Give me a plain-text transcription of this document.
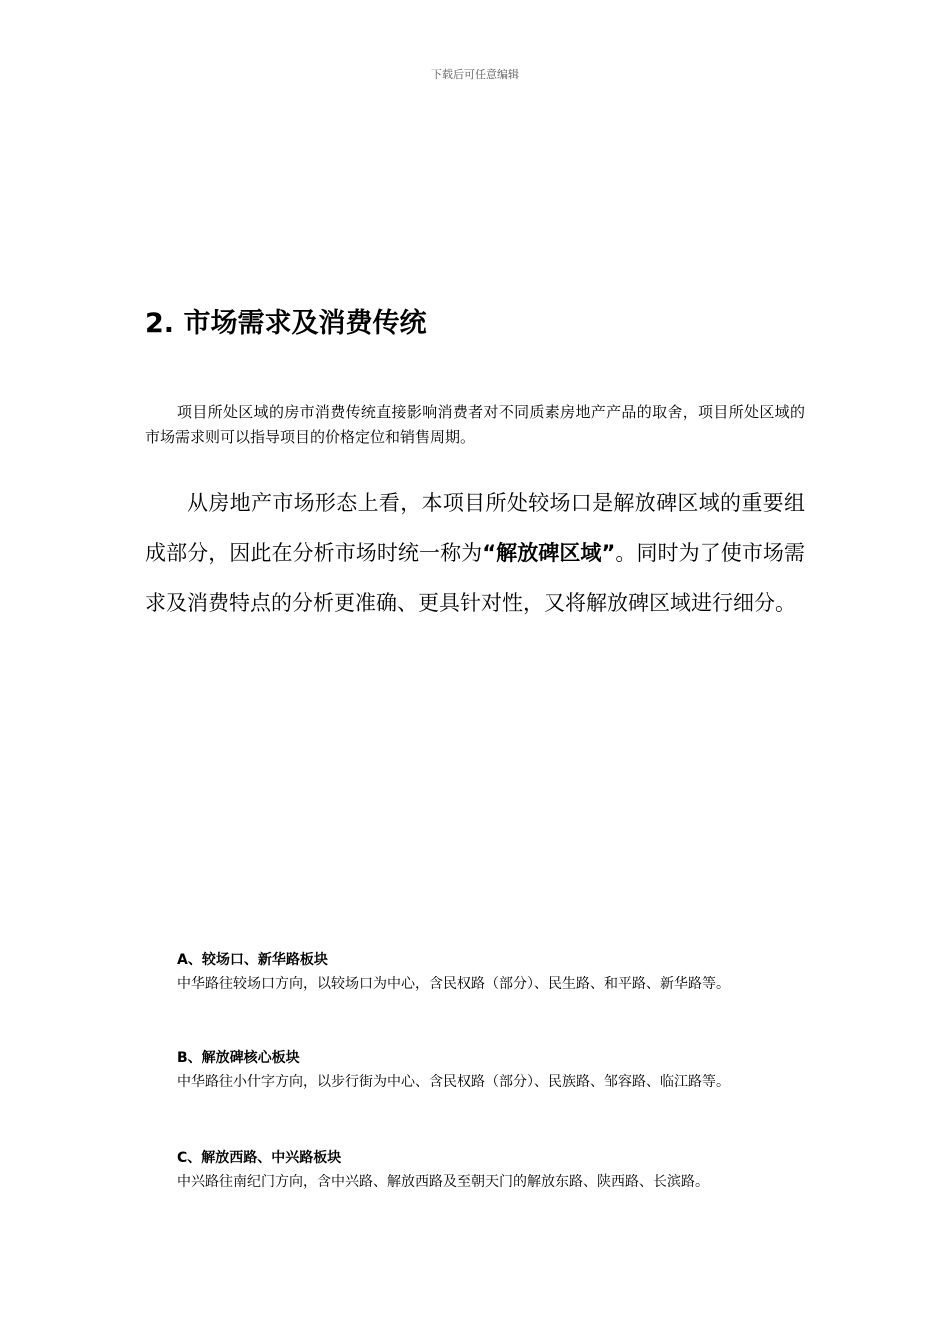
下载后可任意编辑
2. 市场需求及消费传统

项目所处区域的房市消费传统直接影响消费者对不同质素房地产产品的取舍，项目所处区域的市场需求则可以指导项目的价格定位和销售周期。

从房地产市场形态上看，本项目所处较场口是解放碑区域的重要组成部分，因此在分析市场时统一称为“解放碑区域”。同时为了使市场需求及消费特点的分析更准确、更具针对性，又将解放碑区域进行细分。

A、较场口、新华路板块

中华路往较场口方向，以较场口为中心，含民权路（部分）、民生路、和平路、新华路等。

B、解放碑核心板块

中华路往小什字方向，以步行街为中心、含民权路（部分）、民族路、邹容路、临江路等。

C、解放西路、中兴路板块

中兴路往南纪门方向，含中兴路、解放西路及至朝天门的解放东路、陕西路、长滨路。
